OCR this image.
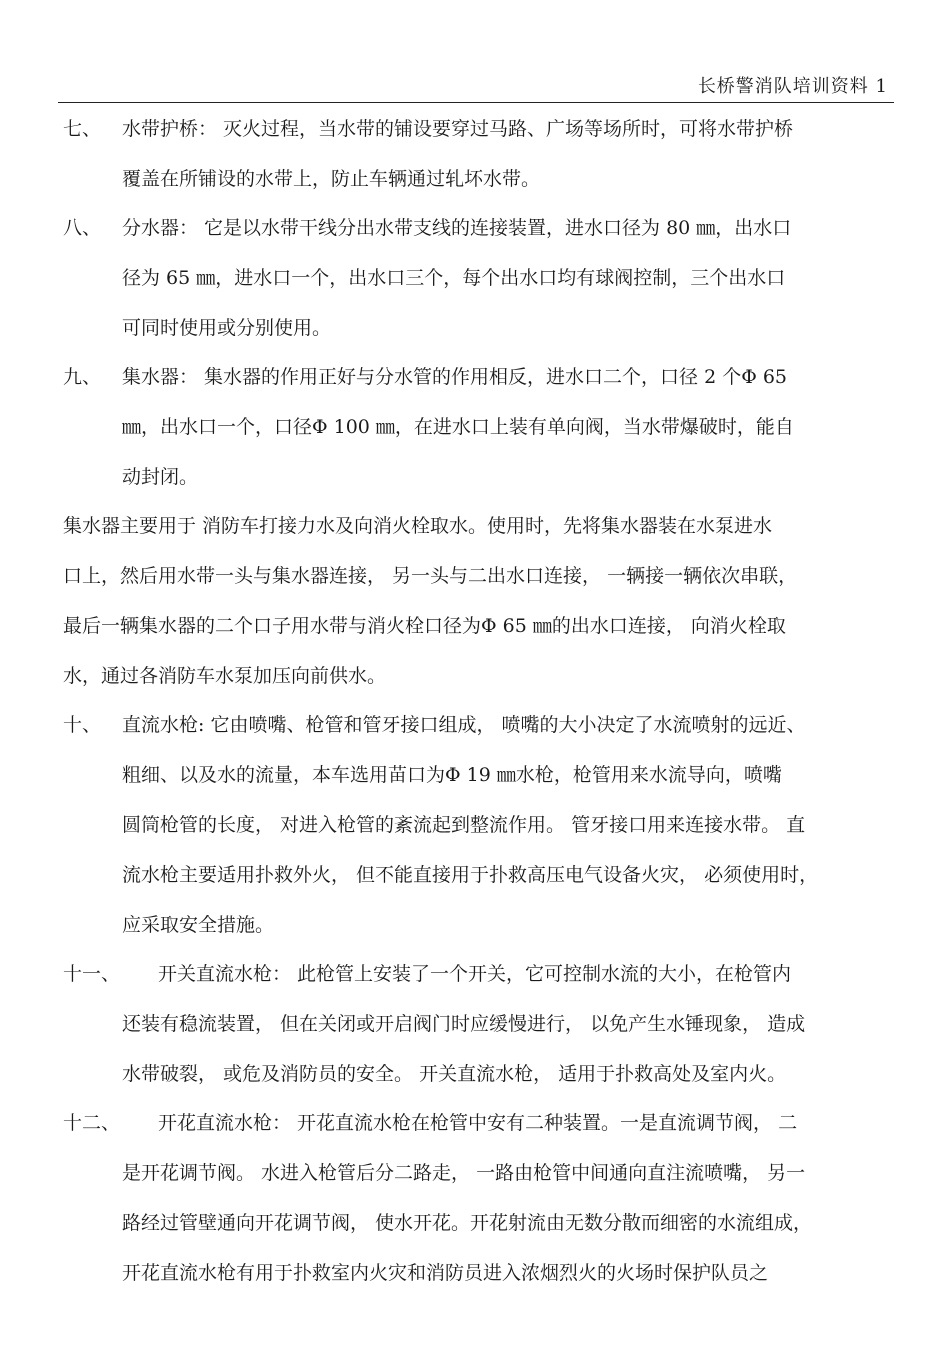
长桥警消队培训资料 1
七、 水带护桥： 灭火过程，当水带的铺设要穿过马路、广场等场所时，可将水带护桥
覆盖在所铺设的水带上，防止车辆通过轧坏水带。
八、 分水器： 它是以水带干线分出水带支线的连接装置，进水口径为 80 ㎜，出水口
径为 65 ㎜，进水口一个，出水口三个，每个出水口均有球阀控制，三个出水口
可同时使用或分别使用。
九、 集水器： 集水器的作用正好与分水管的作用相反，进水口二个，口径 2 个Φ 65
㎜，出水口一个，口径Φ 100 ㎜，在进水口上装有单向阀，当水带爆破时，能自
动封闭。
集水器主要用于 消防车打接力水及向消火栓取水。使用时，先将集水器装在水泵进水
口上，然后用水带一头与集水器连接， 另一头与二出水口连接， 一辆接一辆依次串联，
最后一辆集水器的二个口子用水带与消火栓口径为Φ 65 ㎜的出水口连接， 向消火栓取
水，通过各消防车水泵加压向前供水。
十、 直流水枪: 它由喷嘴、枪管和管牙接口组成， 喷嘴的大小决定了水流喷射的远近、
粗细、以及水的流量，本车选用苗口为Φ 19 ㎜水枪，枪管用来水流导向，喷嘴
圆筒枪管的长度， 对进入枪管的紊流起到整流作用。 管牙接口用来连接水带。 直
流水枪主要适用扑救外火， 但不能直接用于扑救高压电气设备火灾， 必须使用时，
应采取安全措施。
十一、 开关直流水枪： 此枪管上安装了一个开关，它可控制水流的大小，在枪管内
还装有稳流装置， 但在关闭或开启阀门时应缓慢进行， 以免产生水锤现象， 造成
水带破裂， 或危及消防员的安全。 开关直流水枪， 适用于扑救高处及室内火。
十二、 开花直流水枪： 开花直流水枪在枪管中安有二种装置。一是直流调节阀， 二
是开花调节阀。 水进入枪管后分二路走， 一路由枪管中间通向直注流喷嘴， 另一
路经过管壁通向开花调节阀， 使水开花。开花射流由无数分散而细密的水流组成，
开花直流水枪有用于扑救室内火灾和消防员进入浓烟烈火的火场时保护队员之
